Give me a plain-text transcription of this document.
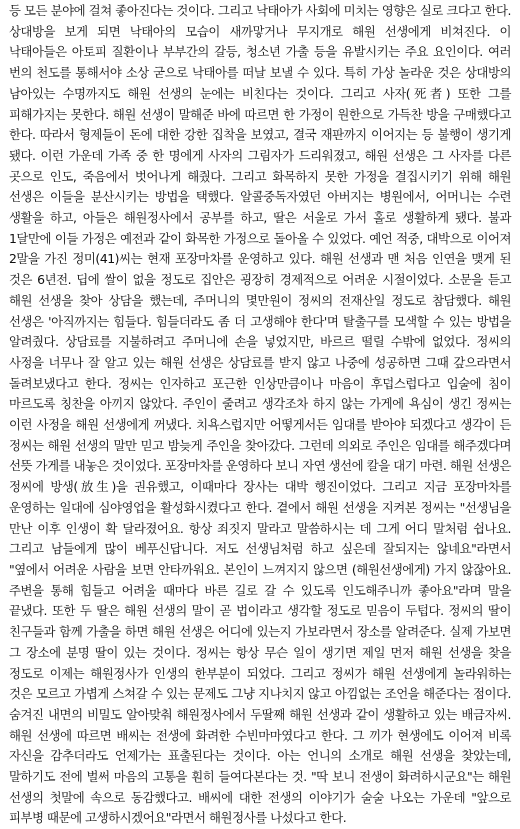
등 모든 분야에 걸쳐 좋아진다는 것이다. 그리고 낙태아가 사회에 미치는 영향은 실로 크다고 한다. 상대방을 보게 되면 낙태아의 모습이 새까맣거나 무지개로 해원 선생에게 비쳐진다. 이 낙태아들은 아토피 질환이나 부부간의 갈등, 청소년 가출 등을 유발시키는 주요 요인이다. 여러 번의 천도를 통해서야 소상 굳으로 낙태아를 떠날 보낼 수 있다. 특히 가상 놀라운 것은 상대방의 남아있는 수명까지도 해원 선생의 눈에는 비친다는 것이다. 그리고 사자(死者) 또한 그를 피해가지는 못한다. 해원 선생이 말해준 바에 따르면 한 가정이 원한으로 가득찬 방을 구매했다고 한다. 따라서 형제들이 돈에 대한 강한 집착을 보였고, 결국 재판까지 이어지는 등 불행이 생기게 됐다. 이런 가운데 가족 중 한 명에게 사자의 그림자가 드리워졌고, 해원 선생은 그 사자를 다른 곳으로 인도, 죽음에서 벗어나게 해줬다. 그리고 화목하지 못한 가정을 결집시키기 위해 해원 선생은 이들을 분산시키는 방법을 택했다. 알콜중독자였던 아버지는 병원에서, 어머니는 수련 생활을 하고, 아들은 해원정사에서 공부를 하고, 딸은 서울로 가서 홀로 생활하게 됐다. 불과 1달만에 이들 가정은 예전과 같이 화목한 가정으로 돌아올 수 있었다. 예언 적중, 대박으로 이어져 2말을 가진 정미(41)씨는 현재 포장마차를 운영하고 있다. 해원 선생과 맨 처음 인연을 맺게 된 것은 6년전. 딥에 쌀이 없을 정도로 집안은 굉장히 경제적으로 어려운 시절이었다. 소문을 듣고 해원 선생을 찾아 상담을 했는데, 주머니의 몇만원이 정씨의 전재산일 정도로 참담했다. 해원 선생은 '아직까지는 힘들다. 힘들더라도 좀 더 고생해야 한다'며 탈출구를 모색할 수 있는 방법을 알려줬다. 상담료를 지불하려고 주머니에 손을 넣었지만, 바르르 떨릴 수밖에 없었다. 정씨의 사정을 너무나 잘 알고 있는 해원 선생은 상담료를 받지 않고 나중에 성공하면 그때 갚으라면서 돌려보냈다고 한다. 정씨는 인자하고 포근한 인상만큼이나 마음이 후덥스럽다고 입술에 침이 마르도록 칭찬을 아끼지 않았다. 주인이 줄려고 생각조차 하지 않는 가게에 욕심이 생긴 정씨는 이런 사정을 해원 선생에게 꺼냈다. 치욕스럽지만 어떻게서든 임대를 받아야 되겠다고 생각이 든 정씨는 해원 선생의 말만 믿고 밤늦게 주인을 찾아갔다. 그런데 의외로 주인은 임대를 해주겠다며 선뜻 가게를 내놓은 것이었다. 포장마차를 운영하다 보니 자연 생선에 칼을 대기 마련. 해원 선생은 정씨에 방생(放生)을 권유했고, 이때마다 장사는 대박 행진이었다. 그리고 지금 포장마차를 운영하는 일대에 심야영업을 활성화시켰다고 한다. 곁에서 해원 선생을 지켜본 정씨는 "선생님을 만난 이후 인생이 확 달라졌어요. 항상 죄짓지 말라고 말씀하시는 데 그게 어디 말처럼 쉽나요. 그리고 남들에게 많이 베푸신답니다. 저도 선생님처럼 하고 싶은데 잘되지는 않네요"라면서 "옆에서 어려운 사람을 보면 안타까워요. 본인이 느껴지지 않으면 (해원선생에게) 가지 않잖아요. 주변을 통해 힘들고 어려울 때마다 바른 길로 갈 수 있도록 인도해주니까 좋아요"라며 말을 끝냈다. 또한 두 딸은 해원 선생의 말이 곧 법이라고 생각할 정도로 믿음이 두텁다. 정씨의 딸이 친구들과 함께 가출을 하면 해원 선생은 어디에 있는지 가보라면서 장소를 알려준다. 실제 가보면 그 장소에 분명 딸이 있는 것이다. 정씨는 항상 무슨 일이 생기면 제일 먼저 해원 선생을 찾을 정도로 이제는 해원정사가 인생의 한부분이 되었다. 그리고 정씨가 해원 선생에게 놀라워하는 것은 모르고 가볍게 스쳐갈 수 있는 문제도 그냥 지나치지 않고 아낌없는 조언을 해준다는 점이다. 숨겨진 내면의 비밀도 알아맞춰 해원정사에서 두딸째 해원 선생과 같이 생활하고 있는 배금자씨. 해원 선생에 따르면 배씨는 전생에 화려한 수빈마마였다고 한다. 그 끼가 현생에도 이어져 비록 자신을 감추더라도 언제가는 표출된다는 것이다. 아는 언니의 소개로 해원 선생을 찾았는데, 말하기도 전에 벌써 마음의 고통을 훤히 들여다본다는 것. "딱 보니 전생이 화려하시군요"는 해원 선생의 첫말에 속으로 동감했다고. 배씨에 대한 전생의 이야기가 술술 나오는 가운데 "앞으로 피부병 때문에 고생하시겠어요"라면서 해원정사를 나섰다고 한다.
